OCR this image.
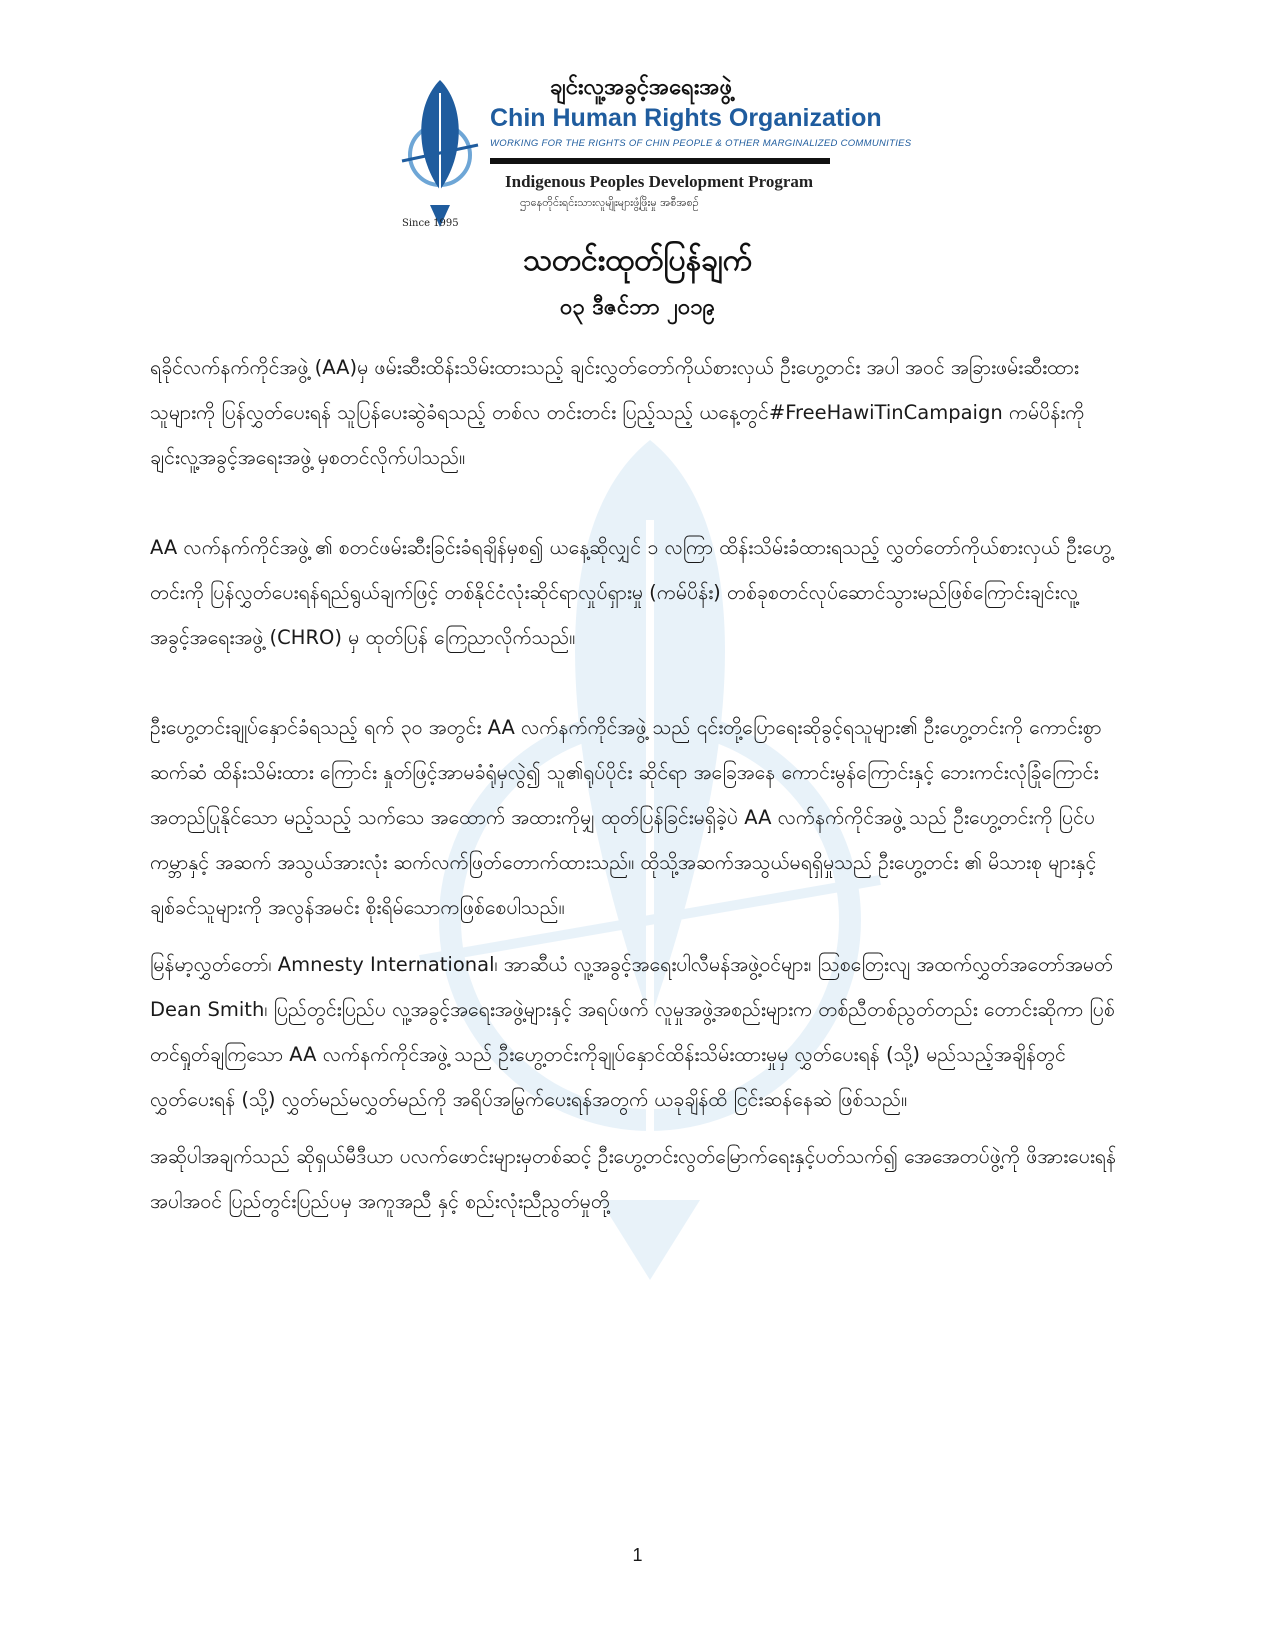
Since 1995
ချင်းလူ့အခွင့်အရေးအဖွဲ့
Chin Human Rights Organization
WORKING FOR THE RIGHTS OF CHIN PEOPLE & OTHER MARGINALIZED COMMUNITIES
Indigenous Peoples Development Program
ဌာနေတိုင်းရင်းသားလူမျိုးများဖွံ့ဖြိုးမှု အစီအစဉ်
သတင်းထုတ်ပြန်ချက်
၀၃ ဒီဇင်ဘာ ၂၀၁၉

ရခိုင်လက်နက်ကိုင်အဖွဲ့ (AA)မှ ဖမ်းဆီးထိန်းသိမ်းထားသည့် ချင်းလွှတ်တော်ကိုယ်စားလှယ် ဦးဟွေ့တင်း အပါ အဝင် အခြားဖမ်းဆီးထားသူများကို ပြန်လွှတ်ပေးရန် သူပြန်ပေးဆွဲခံရသည့် တစ်လ တင်းတင်း ပြည့်သည့် ယနေ့တွင်#FreeHawiTinCampaign ကမ်ပိန်းကို ချင်းလူ့အခွင့်အရေးအဖွဲ့ မှစတင်လိုက်ပါသည်။

AA လက်နက်ကိုင်အဖွဲ့ ၏ စတင်ဖမ်းဆီးခြင်းခံရချိန်မှစ၍ ယနေ့ဆိုလျှင် ၁ လကြာ ထိန်းသိမ်းခံထားရသည့် လွှတ်တော်ကိုယ်စားလှယ် ဦးဟွေ့တင်းကို ပြန်လွှတ်ပေးရန်ရည်ရွယ်ချက်ဖြင့် တစ်နိုင်ငံလုံးဆိုင်ရာလှုပ်ရှားမှု (ကမ်ပိန်း) တစ်ခုစတင်လုပ်ဆောင်သွားမည်ဖြစ်ကြောင်းချင်းလူ့အခွင့်အရေးအဖွဲ့ (CHRO) မှ ထုတ်ပြန် ကြေညာလိုက်သည်။

ဦးဟွေ့တင်းချုပ်နှောင်ခံရသည့် ရက် ၃၀ အတွင်း AA လက်နက်ကိုင်အဖွဲ့ သည် ၎င်းတို့ပြောရေးဆိုခွင့်ရသူများ၏ ဦးဟွေ့တင်းကို ကောင်းစွာဆက်ဆံ ထိန်းသိမ်းထား ကြောင်း နှုတ်ဖြင့်အာမခံရုံမှလွဲ၍ သူ၏ရုပ်ပိုင်း ဆိုင်ရာ အခြေအနေ ကောင်းမွန်ကြောင်းနှင့် ဘေးကင်းလုံခြုံကြောင်း အတည်ပြုနိုင်သော မည့်သည့် သက်သေ အထောက် အထားကိုမျှ ထုတ်ပြန်ခြင်းမရှိခဲ့ပဲ AA လက်နက်ကိုင်အဖွဲ့ သည် ဦးဟွေ့တင်းကို ပြင်ပကမ္ဘာနှင့် အဆက် အသွယ်အားလုံး ဆက်လက်ဖြတ်တောက်ထားသည်။ ထိုသို့အဆက်အသွယ်မရရှိမှုသည် ဦးဟွေ့တင်း ၏ မိသားစု များနှင့် ချစ်ခင်သူများကို အလွန်အမင်း စိုးရိမ်သောကဖြစ်စေပါသည်။

မြန်မာ့လွှတ်တော်၊ Amnesty International၊ အာဆီယံ လူ့အခွင့်အရေးပါလီမန်အဖွဲ့ဝင်များ၊ ဩစတြေးလျ အထက်လွှတ်အတော်အမတ် Dean Smith၊ ပြည်တွင်းပြည်ပ လူ့အခွင့်အရေးအဖွဲ့များနှင့် အရပ်ဖက် လူမှုအဖွဲ့အစည်းများက တစ်ညီတစ်ညွတ်တည်း တောင်းဆိုကာ ပြစ်တင်ရှုတ်ချကြသော AA လက်နက်ကိုင်အဖွဲ့ သည် ဦးဟွေ့တင်းကိုချုပ်နှောင်ထိန်းသိမ်းထားမှုမှ လွှတ်ပေးရန် (သို့) မည်သည့်အချိန်တွင် လွှတ်ပေးရန် (သို့) လွှတ်မည်မလွှတ်မည်ကို အရိပ်အမြွက်ပေးရန်အတွက် ယခုချိန်ထိ ငြင်းဆန်နေဆဲ ဖြစ်သည်။

အဆိုပါအချက်သည် ဆိုရှယ်မီဒီယာ ပလက်ဖောင်းများမှတစ်ဆင့် ဦးဟွေ့တင်းလွတ်မြောက်ရေးနှင့်ပတ်သက်၍ အေအေတပ်ဖွဲ့ကို ဖိအားပေးရန်အပါအဝင် ပြည်တွင်းပြည်ပမှ အကူအညီ နှင့် စည်းလုံးညီညွတ်မှုတို့

1
